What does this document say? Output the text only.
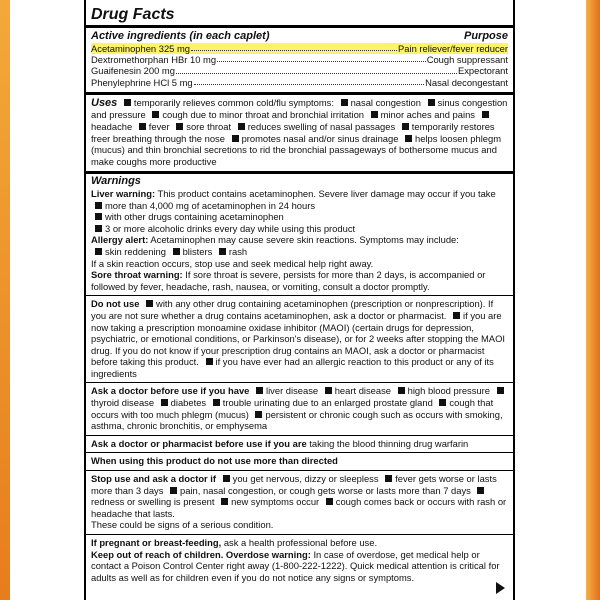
Drug Facts
Active ingredients (in each caplet)	Purpose
Acetaminophen 325 mg	Pain reliever/fever reducer
Dextromethorphan HBr 10 mg	Cough suppressant
Guaifenesin 200 mg	Expectorant
Phenylephrine HCl 5 mg	Nasal decongestant

Uses temporarily relieves common cold/flu symptoms: nasal congestion sinus congestion and pressure cough due to minor throat and bronchial irritation minor aches and pains headache fever sore throat reduces swelling of nasal passages temporarily restores freer breathing through the nose promotes nasal and/or sinus drainage helps loosen phlegm (mucus) and thin bronchial secretions to rid the bronchial passageways of bothersome mucus and make coughs more productive

Warnings

Liver warning: This product contains acetaminophen. Severe liver damage may occur if you take

more than 4,000 mg of acetaminophen in 24 hours

with other drugs containing acetaminophen

3 or more alcoholic drinks every day while using this product

Allergy alert: Acetaminophen may cause severe skin reactions. Symptoms may include:

skin reddening blisters rash

If a skin reaction occurs, stop use and seek medical help right away.

Sore throat warning: If sore throat is severe, persists for more than 2 days, is accompanied or followed by fever, headache, rash, nausea, or vomiting, consult a doctor promptly.

Do not use with any other drug containing acetaminophen (prescription or nonprescription). If you are not sure whether a drug contains acetaminophen, ask a doctor or pharmacist. if you are now taking a prescription monoamine oxidase inhibitor (MAOI) (certain drugs for depression, psychiatric, or emotional conditions, or Parkinson's disease), or for 2 weeks after stopping the MAOI drug. If you do not know if your prescription drug contains an MAOI, ask a doctor or pharmacist before taking this product. if you have ever had an allergic reaction to this product or any of its ingredients

Ask a doctor before use if you have liver disease heart disease high blood pressure thyroid disease diabetes trouble urinating due to an enlarged prostate gland cough that occurs with too much phlegm (mucus) persistent or chronic cough such as occurs with smoking, asthma, chronic bronchitis, or emphysema

Ask a doctor or pharmacist before use if you are taking the blood thinning drug warfarin

When using this product do not use more than directed

Stop use and ask a doctor if you get nervous, dizzy or sleepless fever gets worse or lasts more than 3 days pain, nasal congestion, or cough gets worse or lasts more than 7 days redness or swelling is present new symptoms occur cough comes back or occurs with rash or headache that lasts.

These could be signs of a serious condition.

If pregnant or breast-feeding, ask a health professional before use.

Keep out of reach of children. Overdose warning: In case of overdose, get medical help or contact a Poison Control Center right away (1-800-222-1222). Quick medical attention is critical for adults as well as for children even if you do not notice any signs or symptoms.
